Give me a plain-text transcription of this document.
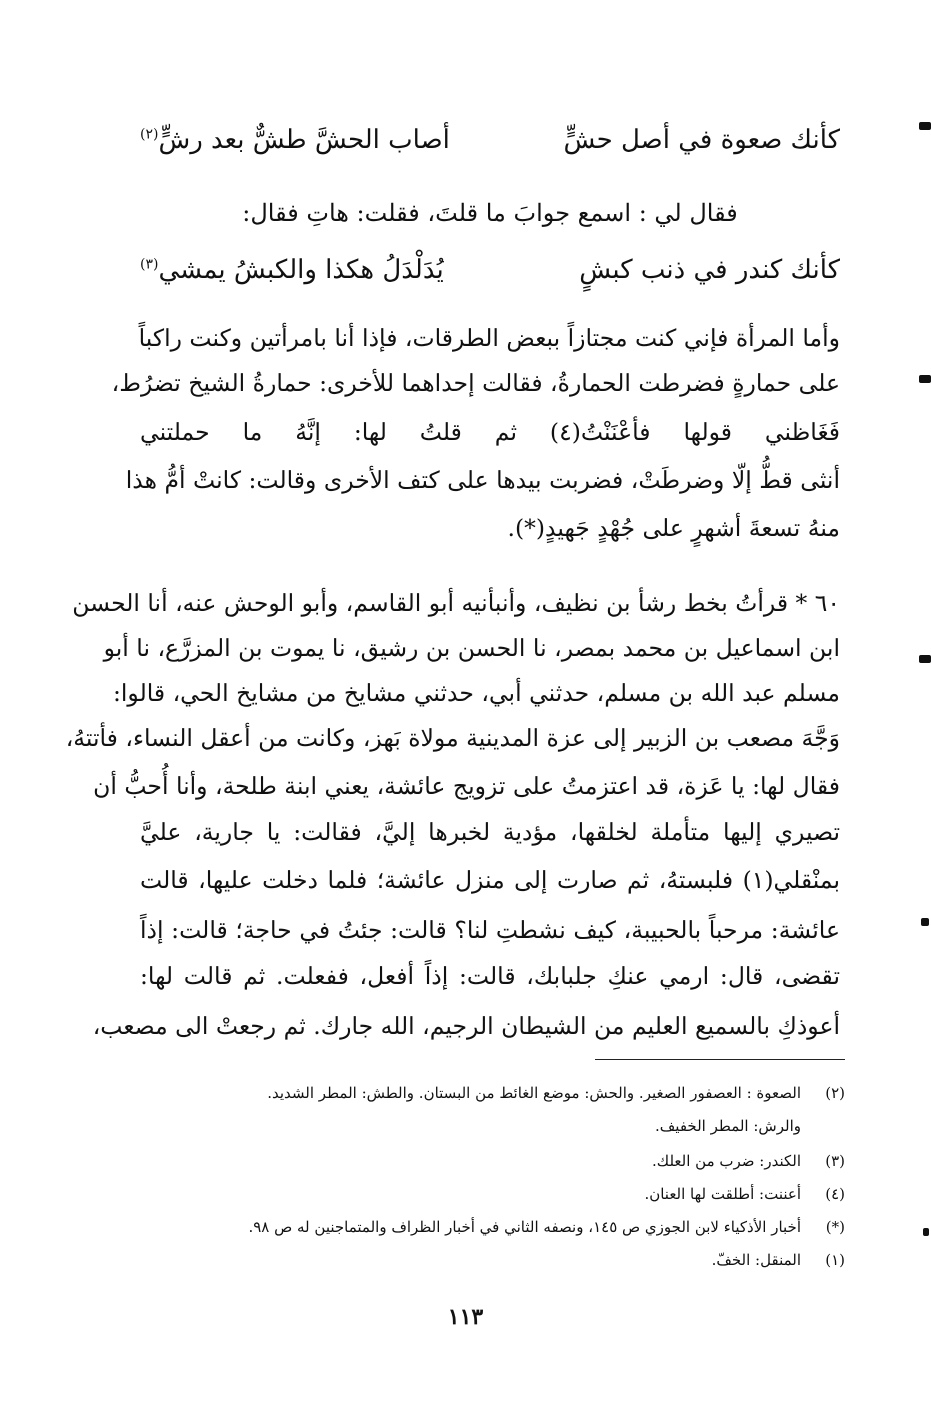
كأنك صعوة في أصل حشٍّ
أصاب الحشَّ طشٌّ بعد رشٍّ$^{(٢)}$
فقال لي : اسمع جوابَ ما قلتَ، فقلت: هاتِ فقال:
كأنك كندر في ذنب كبشٍ
يُدَلْدَلُ هكذا والكبشُ يمشي$^{(٣)}$
وأما المرأة فإني كنت مجتازاً ببعض الطرقات، فإذا أنا بامرأتين وكنت راكباً
على حمارةٍ فضرطت الحمارةُ، فقالت إحداهما للأخرى: حمارةُ الشيخ تضرُط،
فَغَاظني قولها فأعْنَنْتُ(٤) ثم قلتُ لها: إنَّهُ ما حملتني
أنثى قطُّ إلّا وضرطَتْ، فضربت بيدها على كتف الأخرى وقالت: كانتْ أمُّ هذا
منهُ تسعةَ أشهرٍ على جُهْدٍ جَهيدٍ(*).
٦٠ * قرأتُ بخط رشأ بن نظيف، وأنبأنيه أبو القاسم، وأبو الوحش عنه، أنا الحسن
ابن اسماعيل بن محمد بمصر، نا الحسن بن رشيق، نا يموت بن المزرَّع، نا أبو
مسلم عبد الله بن مسلم، حدثني أبي، حدثني مشايخ من مشايخ الحي، قالوا:
وَجَّهَ مصعب بن الزبير إلى عزة المدينية مولاة بَهز، وكانت من أعقل النساء، فأتتهُ،
فقال لها: يا عَزة، قد اعتزمتُ على تزويج عائشة، يعني ابنة طلحة، وأنا أُحبُّ أن
تصيري إليها متأملة لخلقها، مؤدية لخبرها إليَّ، فقالت: يا جارية، عليَّ
بمنْقلي(١) فلبستهُ، ثم صارت إلى منزل عائشة؛ فلما دخلت عليها، قالت
عائشة: مرحباً بالحبيبة، كيف نشطتِ لنا؟ قالت: جئتُ في حاجة؛ قالت: إذاً
تقضى، قال: ارمي عنكِ جلبابك، قالت: إذاً أفعل، ففعلت. ثم قالت لها:
أعوذكِ بالسميع العليم من الشيطان الرجيم، الله جارك. ثم رجعتْ الى مصعب،
(٢)الصعوة : العصفور الصغير. والحش: موضع الغائط من البستان. والطش: المطر الشديد.
والرش: المطر الخفيف.
(٣)الكندر: ضرب من العلك.
(٤)أعننت: أطلقت لها العنان.
(*)أخبار الأذكياء لابن الجوزي ص ١٤٥، ونصفه الثاني في أخبار الظراف والمتماجنين له ص ٩٨.
(١)المنقل: الخفّ.
١١٣
